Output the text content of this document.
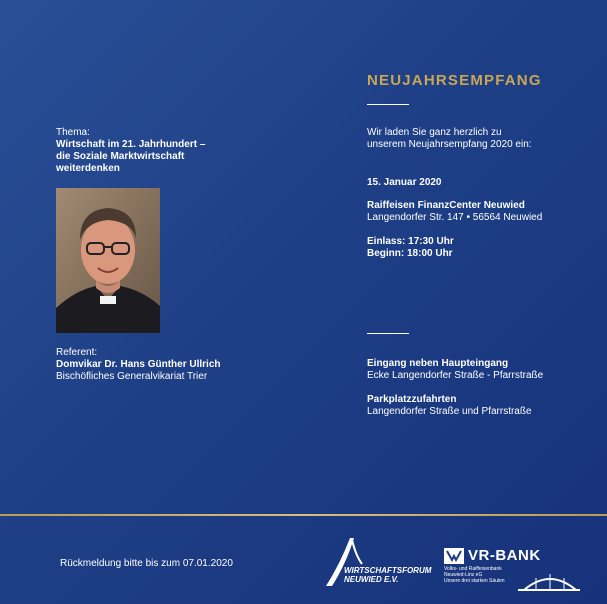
Thema:
Wirtschaft im 21. Jahrhundert –
die Soziale Marktwirtschaft
weiterdenken
Referent:
Domvikar Dr. Hans Günther Ullrich
Bischöfliches Generalvikariat Trier
NEUJAHRSEMPFANG
Wir laden Sie ganz herzlich zu
unserem Neujahrsempfang 2020 ein:
15. Januar 2020
Raiffeisen FinanzCenter Neuwied
Langendorfer Str. 147 • 56564 Neuwied
Einlass: 17:30 Uhr
Beginn: 18:00 Uhr
Eingang neben Haupteingang
Ecke Langendorfer Straße - Pfarrstraße
Parkplatzzufahrten
Langendorfer Straße und Pfarrstraße
Rückmeldung bitte bis zum 07.01.2020
WIRTSCHAFTSFORUM
NEUWIED E.V.
VR-BANK
Volks- und Raiffeisenbank
Neuwied-Linz eG
Unsere drei starken Säulen
